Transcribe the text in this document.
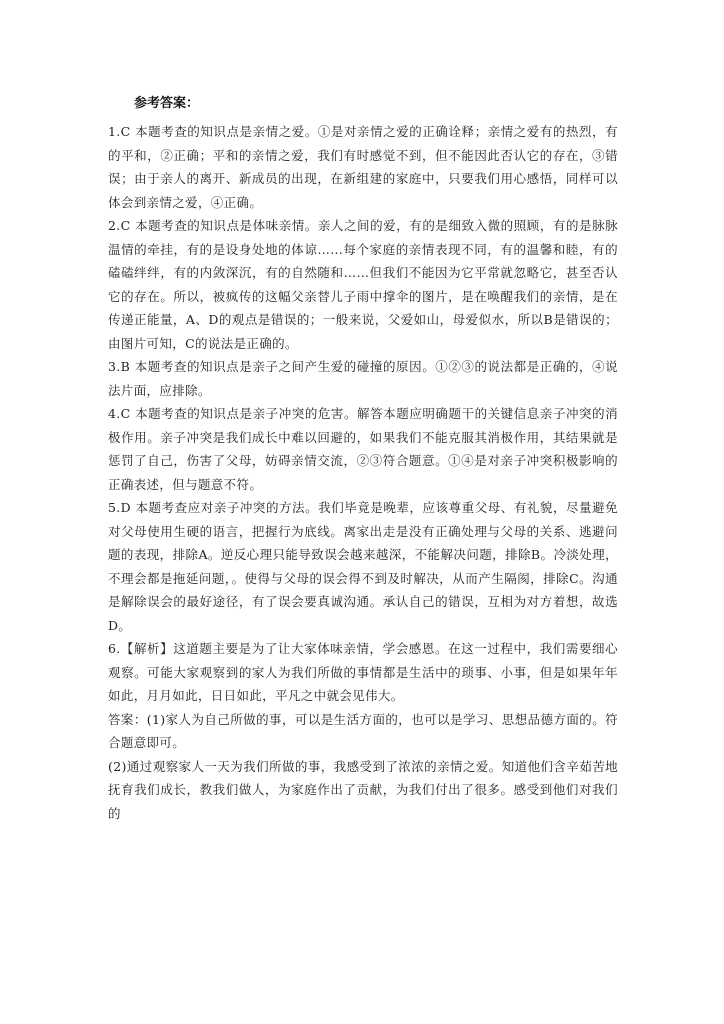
参考答案：

1.C 本题考查的知识点是亲情之爱。①是对亲情之爱的正确诠释；亲情之爱有的热烈，有的平和，②正确；平和的亲情之爱，我们有时感觉不到，但不能因此否认它的存在，③错误；由于亲人的离开、新成员的出现，在新组建的家庭中，只要我们用心感悟，同样可以体会到亲情之爱，④正确。

2.C 本题考查的知识点是体味亲情。亲人之间的爱，有的是细致入微的照顾，有的是脉脉温情的牵挂，有的是设身处地的体谅……每个家庭的亲情表现不同，有的温馨和睦，有的磕磕绊绊，有的内敛深沉，有的自然随和……但我们不能因为它平常就忽略它，甚至否认它的存在。所以，被疯传的这幅父亲替儿子雨中撑伞的图片，是在唤醒我们的亲情，是在传递正能量，A、D的观点是错误的；一般来说，父爱如山，母爱似水，所以B是错误的；由图片可知，C的说法是正确的。

3.B 本题考查的知识点是亲子之间产生爱的碰撞的原因。①②③的说法都是正确的，④说法片面，应排除。

4.C 本题考查的知识点是亲子冲突的危害。解答本题应明确题干的关键信息亲子冲突的消极作用。亲子冲突是我们成长中难以回避的，如果我们不能克服其消极作用，其结果就是惩罚了自己，伤害了父母，妨碍亲情交流，②③符合题意。①④是对亲子冲突积极影响的正确表述，但与题意不符。

5.D 本题考查应对亲子冲突的方法。我们毕竟是晚辈，应该尊重父母、有礼貌，尽量避免对父母使用生硬的语言，把握行为底线。离家出走是没有正确处理与父母的关系、逃避问题的表现，排除A。逆反心理只能导致误会越来越深，不能解决问题，排除B。冷淡处理，不理会都是拖延问题，。使得与父母的误会得不到及时解决，从而产生隔阂，排除C。沟通是解除误会的最好途径，有了误会要真诚沟通。承认自己的错误，互相为对方着想，故选D。

6.【解析】这道题主要是为了让大家体味亲情，学会感恩。在这一过程中，我们需要细心观察。可能大家观察到的家人为我们所做的事情都是生活中的琐事、小事，但是如果年年如此，月月如此，日日如此，平凡之中就会见伟大。

答案：(1)家人为自己所做的事，可以是生活方面的，也可以是学习、思想品德方面的。符合题意即可。

(2)通过观察家人一天为我们所做的事，我感受到了浓浓的亲情之爱。知道他们含辛茹苦地抚育我们成长，教我们做人，为家庭作出了贡献，为我们付出了很多。感受到他们对我们的
